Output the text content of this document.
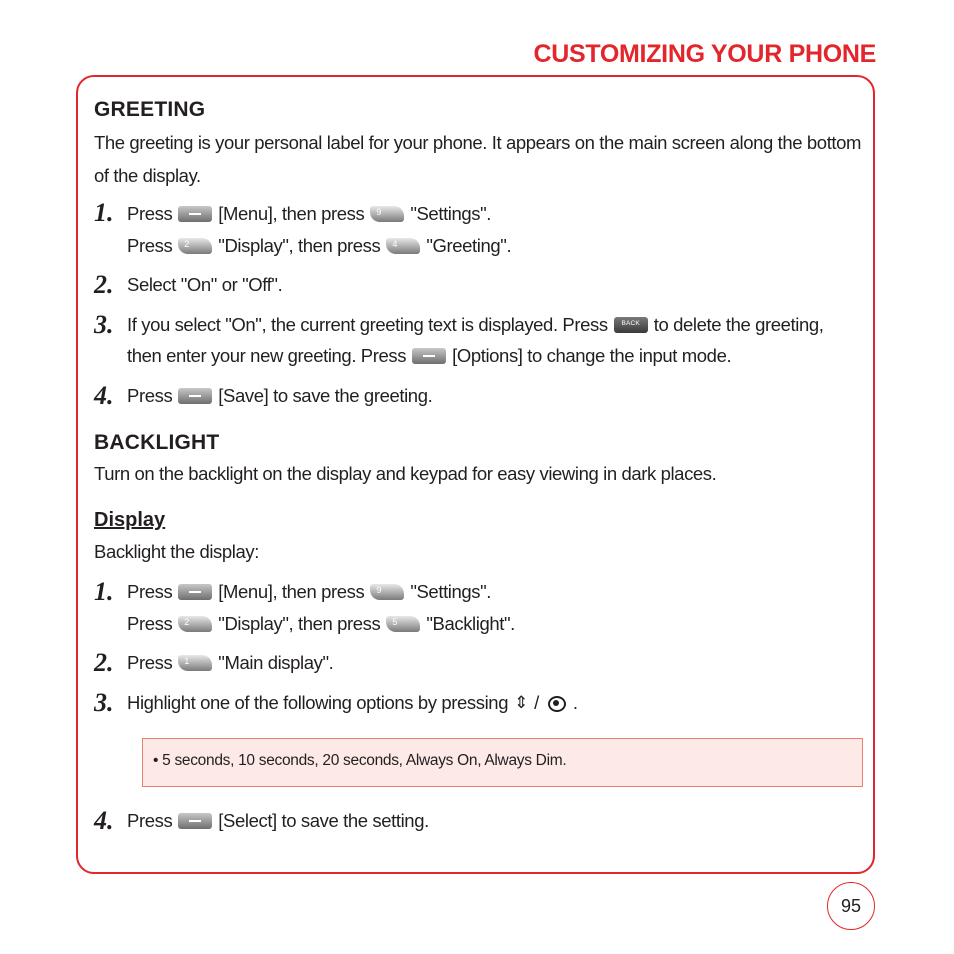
CUSTOMIZING YOUR PHONE
GREETING
The greeting is your personal label for your phone. It appears on the main screen along the bottom
of the display.
1. Press [Menu], then press 9 "Settings".
Press 2 "Display", then press 4 "Greeting".
2. Select "On" or "Off".
3. If you select "On", the current greeting text is displayed. Press	BACK to delete the greeting,
then enter your new greeting. Press [Options] to change the input mode.
4. Press [Save] to save the greeting.
BACKLIGHT
Turn on the backlight on the display and keypad for easy viewing in dark places.
Display
Backlight the display:
1. Press [Menu], then press 9 "Settings".
Press 2 "Display", then press 5 "Backlight".
2. Press 1 "Main display".
3. Highlight one of the following options by pressing ⇕ / .
• 5 seconds, 10 seconds, 20 seconds, Always On, Always Dim.
4. Press [Select] to save the setting.
95
